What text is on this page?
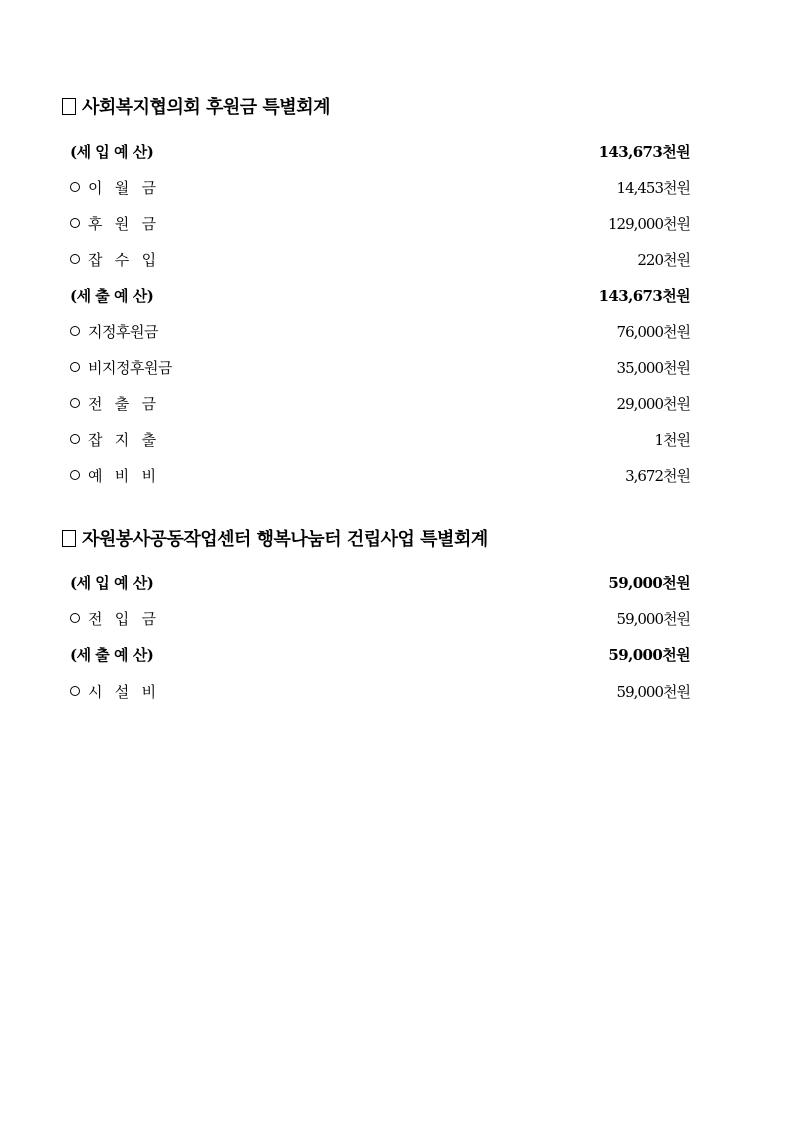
사회복지협의회 후원금 특별회계
(세 입 예 산)	143,673천원
이   월   금	14,453천원
후   원   금	129,000천원
잡   수   입	220천원
(세 출 예 산)	143,673천원
지정후원금	76,000천원
비지정후원금	35,000천원
전   출   금	29,000천원
잡   지   출	1천원
예   비   비	3,672천원
자원봉사공동작업센터 행복나눔터 건립사업 특별회계
(세 입 예 산)	59,000천원
전   입   금	59,000천원
(세 출 예 산)	59,000천원
시   설   비	59,000천원
